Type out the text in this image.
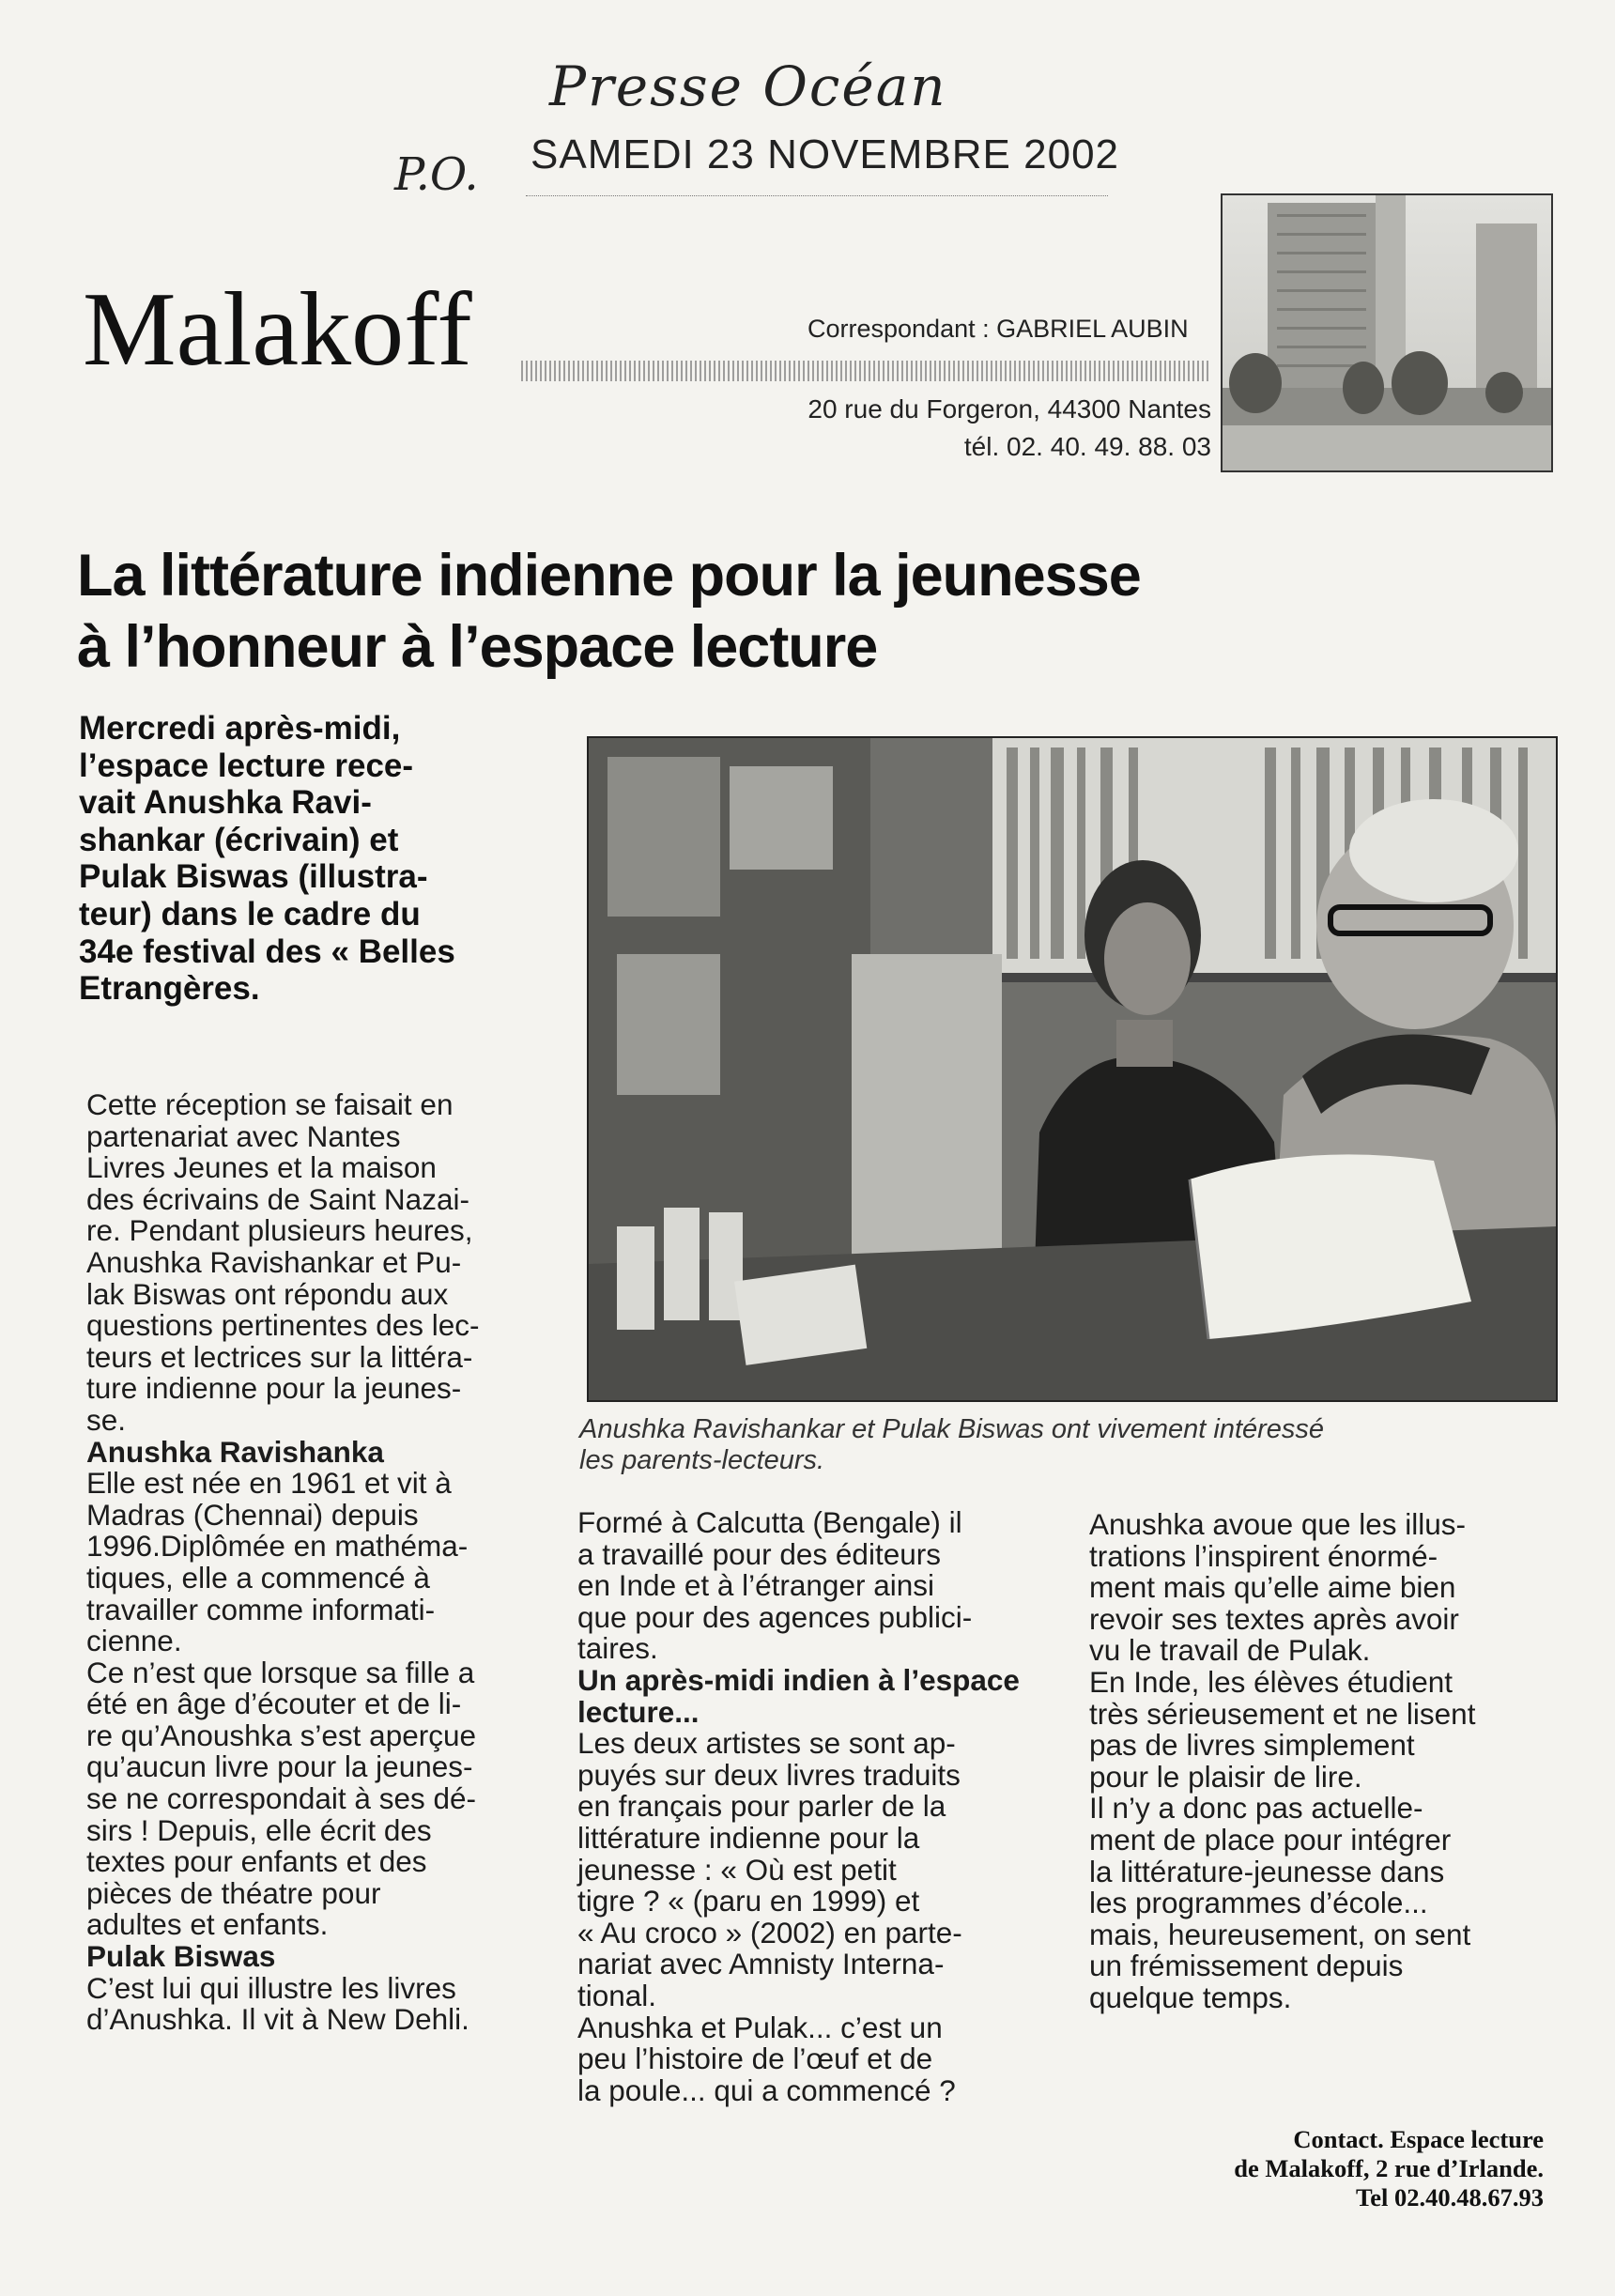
Presse Océan
P.O. SAMEDI 23 NOVEMBRE 2002
Malakoff	Correspondant : GABRIEL AUBIN
20 rue du Forgeron, 44300 Nantes
tél. 02. 40. 49. 88. 03
La littérature indienne pour la jeunesse
à l’honneur à l’espace lecture

Mercredi après-midi,

l’espace lecture rece-

vait Anushka Ravi-

shankar (écrivain) et

Pulak Biswas (illustra-

teur) dans le cadre du

34e festival des « Belles

Etrangères.

Anushka Ravishankar et Pulak Biswas ont vivement intéressé

les parents-lecteurs.

Cette réception se faisait en

partenariat avec Nantes

Livres Jeunes et la maison

des écrivains de Saint Nazai-

re. Pendant plusieurs heures,

Anushka Ravishankar et Pu-

lak Biswas ont répondu aux

questions pertinentes des lec-

teurs et lectrices sur la littéra-

ture indienne pour la jeunes-

se.

Anushka Ravishanka

Elle est née en 1961 et vit à

Madras (Chennai) depuis

1996.Diplômée en mathéma-

tiques, elle a commencé à

travailler comme informati-

cienne.

Ce n’est que lorsque sa fille a

été en âge d’écouter et de li-

re qu’Anoushka s’est aperçue

qu’aucun livre pour la jeunes-

se ne correspondait à ses dé-

sirs ! Depuis, elle écrit des

textes pour enfants et des

pièces de théatre pour

adultes et enfants.

Pulak Biswas

C’est lui qui illustre les livres

d’Anushka. Il vit à New Dehli.

Formé à Calcutta (Bengale) il

a travaillé pour des éditeurs

en Inde et à l’étranger ainsi

que pour des agences publici-

taires.

Un après-midi indien à l’espace

lecture...

Les deux artistes se sont ap-

puyés sur deux livres traduits

en français pour parler de la

littérature indienne pour la

jeunesse : « Où est petit

tigre ? « (paru en 1999) et

« Au croco » (2002) en parte-

nariat avec Amnisty Interna-

tional.

Anushka et Pulak... c’est un

peu l’histoire de l’œuf et de

la poule... qui a commencé ?

Anushka avoue que les illus-

trations l’inspirent énormé-

ment mais qu’elle aime bien

revoir ses textes après avoir

vu le travail de Pulak.

En Inde, les élèves étudient

très sérieusement et ne lisent

pas de livres simplement

pour le plaisir de lire.

Il n’y a donc pas actuelle-

ment de place pour intégrer

la littérature-jeunesse dans

les programmes d’école...

mais, heureusement, on sent

un frémissement depuis

quelque temps.

Contact. Espace lecture

de Malakoff, 2 rue d’Irlande.

Tel 02.40.48.67.93
